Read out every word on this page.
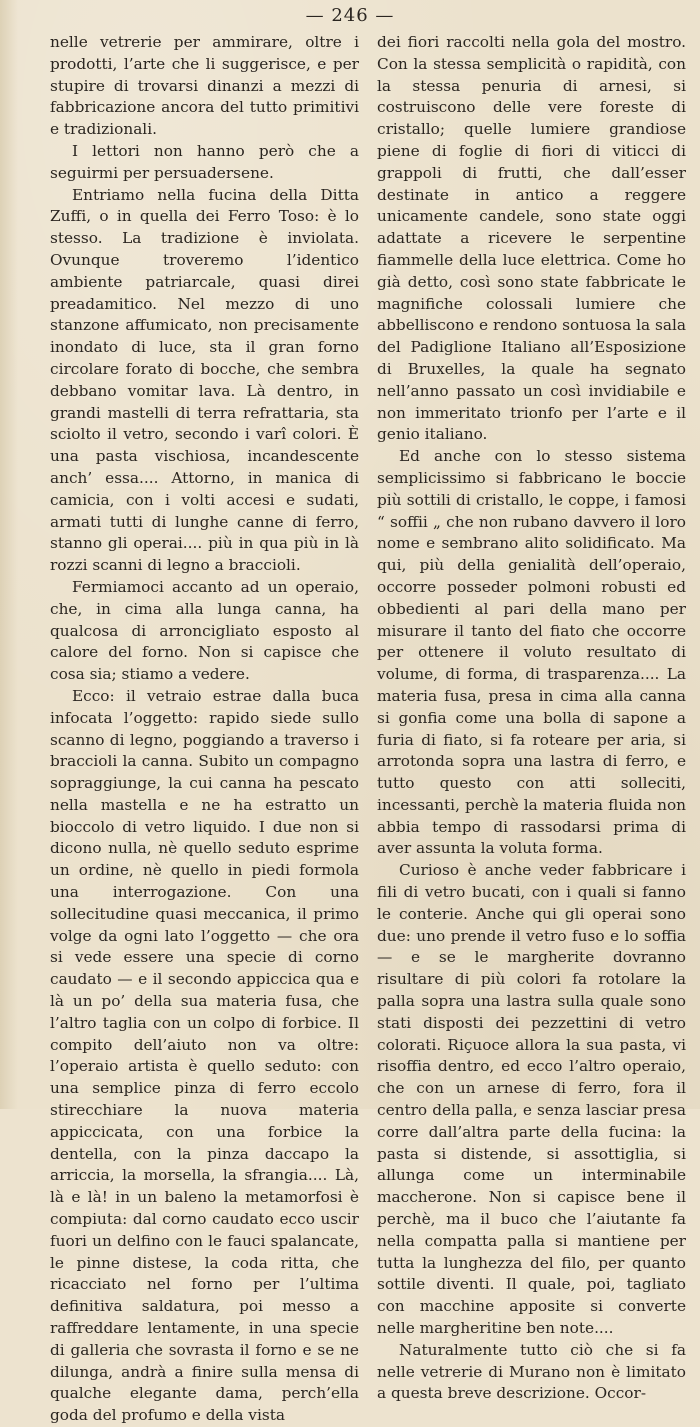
— 246 —

nelle vetrerie per ammirare, oltre i prodotti, l’arte che li suggerisce, e per stupire di trovarsi dinanzi a mezzi di fabbricazione ancora del tutto primitivi e tradizionali.

I lettori non hanno però che a seguirmi per persuadersene.

Entriamo nella fucina della Ditta Zuffi, o in quella dei Ferro Toso: è lo stesso. La tradizione è inviolata. Ovunque troveremo l’identico ambiente patriarcale, quasi direi preadamitico. Nel mezzo di uno stanzone affumicato, non precisamente inondato di luce, sta il gran forno circolare forato di bocche, che sembra debbano vomitar lava. Là dentro, in grandi mastelli di terra refrattaria, sta sciolto il vetro, secondo i varî colori. È una pasta vischiosa, incandescente anch’ essa.... Attorno, in manica di camicia, con i volti accesi e sudati, armati tutti di lunghe canne di ferro, stanno gli operai.... più in qua più in là rozzi scanni di legno a braccioli.

Fermiamoci accanto ad un operaio, che, in cima alla lunga canna, ha qualcosa di arroncigliato esposto al calore del forno. Non si capisce che cosa sia; stiamo a vedere.

Ecco: il vetraio estrae dalla buca infocata l’oggetto: rapido siede sullo scanno di legno, poggiando a traverso i braccioli la canna. Subito un compagno sopraggiunge, la cui canna ha pescato nella mastella e ne ha estratto un bioccolo di vetro liquido. I due non si dicono nulla, nè quello seduto esprime un ordine, nè quello in piedi formola una interrogazione. Con una sollecitudine quasi meccanica, il primo volge da ogni lato l’oggetto — che ora si vede essere una specie di corno caudato — e il secondo appiccica qua e là un po’ della sua materia fusa, che l’altro taglia con un colpo di forbice. Il compito dell’aiuto non va oltre: l’operaio artista è quello seduto: con una semplice pinza di ferro eccolo stirecchiare la nuova materia appiccicata, con una forbice la dentella, con la pinza daccapo la arriccia, la morsella, la sfrangia.... Là, là e là! in un baleno la metamorfosi è compiuta: dal corno caudato ecco uscir fuori un delfino con le fauci spalancate, le pinne distese, la coda ritta, che ricacciato nel forno per l’ultima definitiva saldatura, poi messo a raffreddare lentamente, in una specie di galleria che sovrasta il forno e se ne dilunga, andrà a finire sulla mensa di qualche elegante dama, perch’ella goda del profumo e della vista

dei fiori raccolti nella gola del mostro. Con la stessa semplicità o rapidità, con la stessa penuria di arnesi, si costruiscono delle vere foreste di cristallo; quelle lumiere grandiose piene di foglie di fiori di viticci di grappoli di frutti, che dall’esser destinate in antico a reggere unicamente candele, sono state oggi adattate a ricevere le serpentine fiammelle della luce elettrica. Come ho già detto, così sono state fabbricate le magnifiche colossali lumiere che abbelliscono e rendono sontuosa la sala del Padiglione Italiano all’Esposizione di Bruxelles, la quale ha segnato nell’anno passato un così invidiabile e non immeritato trionfo per l’arte e il genio italiano.

Ed anche con lo stesso sistema semplicissimo si fabbricano le boccie più sottili di cristallo, le coppe, i famosi “ soffii „ che non rubano davvero il loro nome e sembrano alito solidificato. Ma qui, più della genialità dell’operaio, occorre posseder polmoni robusti ed obbedienti al pari della mano per misurare il tanto del fiato che occorre per ottenere il voluto resultato di volume, di forma, di trasparenza.... La materia fusa, presa in cima alla canna si gonfia come una bolla di sapone a furia di fiato, si fa roteare per aria, si arrotonda sopra una lastra di ferro, e tutto questo con atti solleciti, incessanti, perchè la materia fluida non abbia tempo di rassodarsi prima di aver assunta la voluta forma.

Curioso è anche veder fabbricare i fili di vetro bucati, con i quali si fanno le conterie. Anche qui gli operai sono due: uno prende il vetro fuso e lo soffia — e se le margherite dovranno risultare di più colori fa rotolare la palla sopra una lastra sulla quale sono stati disposti dei pezzettini di vetro colorati. Riçuoce allora la sua pasta, vi risoffia dentro, ed ecco l’altro operaio, che con un arnese di ferro, fora il centro della palla, e senza lasciar presa corre dall’altra parte della fucina: la pasta si distende, si assottiglia, si allunga come un interminabile maccherone. Non si capisce bene il perchè, ma il buco che l’aiutante fa nella compatta palla si mantiene per tutta la lunghezza del filo, per quanto sottile diventi. Il quale, poi, tagliato con macchine apposite si converte nelle margheritine ben note....

Naturalmente tutto ciò che si fa nelle vetrerie di Murano non è limitato a questa breve descrizione. Occor-
